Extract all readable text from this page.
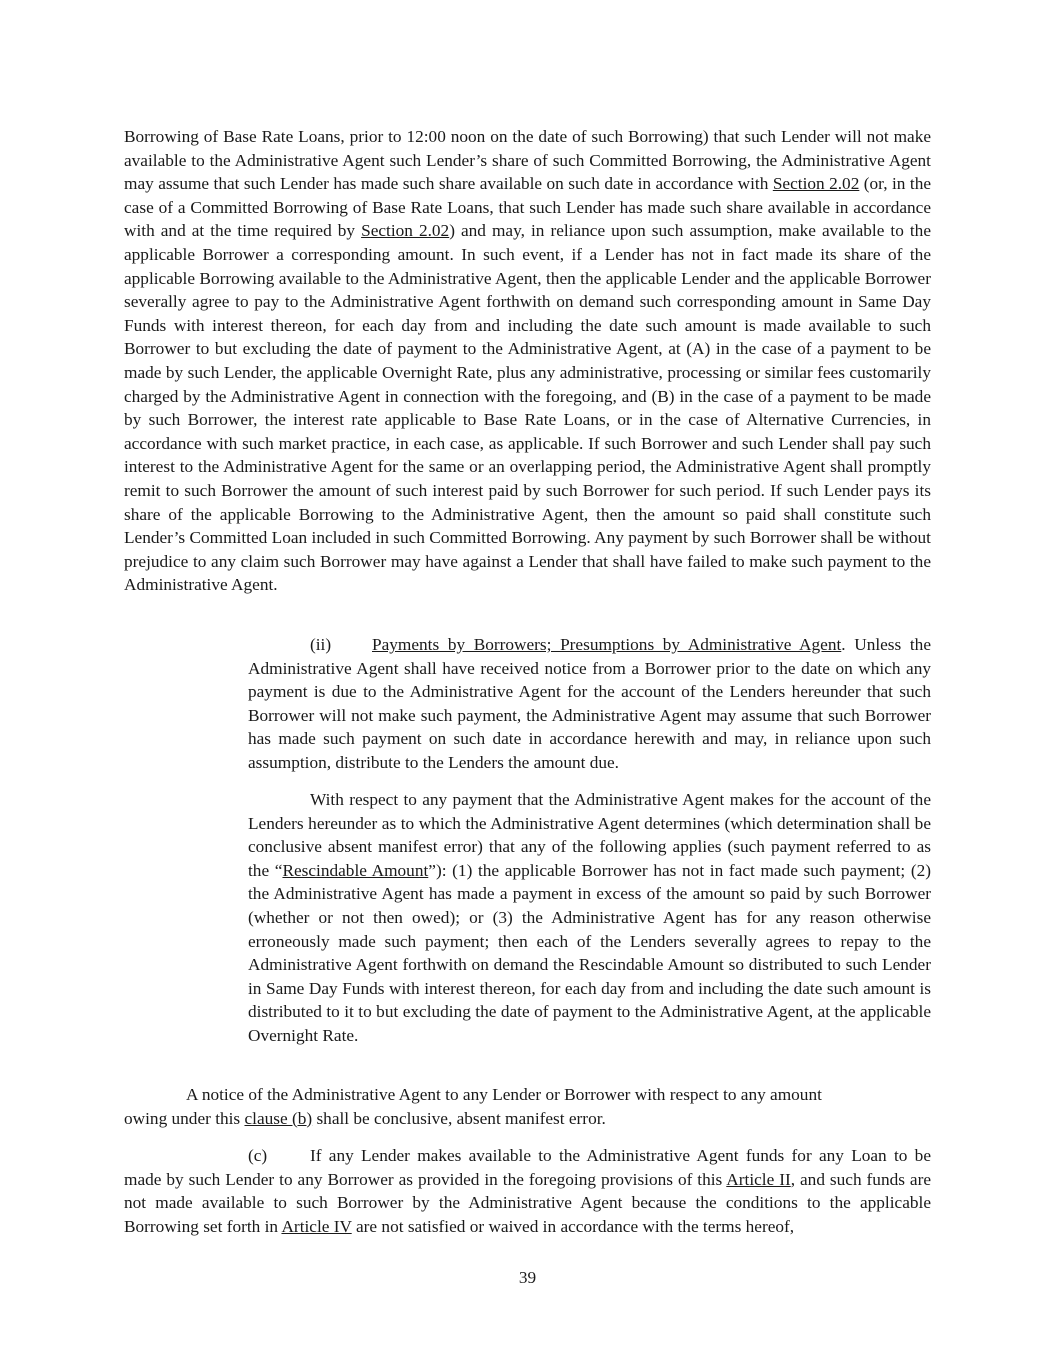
Borrowing of Base Rate Loans, prior to 12:00 noon on the date of such Borrowing) that such Lender will not make available to the Administrative Agent such Lender’s share of such Committed Borrowing, the Administrative Agent may assume that such Lender has made such share available on such date in accordance with Section 2.02 (or, in the case of a Committed Borrowing of Base Rate Loans, that such Lender has made such share available in accordance with and at the time required by Section 2.02) and may, in reliance upon such assumption, make available to the applicable Borrower a corresponding amount. In such event, if a Lender has not in fact made its share of the applicable Borrowing available to the Administrative Agent, then the applicable Lender and the applicable Borrower severally agree to pay to the Administrative Agent forthwith on demand such corresponding amount in Same Day Funds with interest thereon, for each day from and including the date such amount is made available to such Borrower to but excluding the date of payment to the Administrative Agent, at (A) in the case of a payment to be made by such Lender, the applicable Overnight Rate, plus any administrative, processing or similar fees customarily charged by the Administrative Agent in connection with the foregoing, and (B) in the case of a payment to be made by such Borrower, the interest rate applicable to Base Rate Loans, or in the case of Alternative Currencies, in accordance with such market practice, in each case, as applicable. If such Borrower and such Lender shall pay such interest to the Administrative Agent for the same or an overlapping period, the Administrative Agent shall promptly remit to such Borrower the amount of such interest paid by such Borrower for such period. If such Lender pays its share of the applicable Borrowing to the Administrative Agent, then the amount so paid shall constitute such Lender’s Committed Loan included in such Committed Borrowing. Any payment by such Borrower shall be without prejudice to any claim such Borrower may have against a Lender that shall have failed to make such payment to the Administrative Agent.

(ii) Payments by Borrowers; Presumptions by Administrative Agent. Unless the Administrative Agent shall have received notice from a Borrower prior to the date on which any payment is due to the Administrative Agent for the account of the Lenders hereunder that such Borrower will not make such payment, the Administrative Agent may assume that such Borrower has made such payment on such date in accordance herewith and may, in reliance upon such assumption, distribute to the Lenders the amount due.

With respect to any payment that the Administrative Agent makes for the account of the Lenders hereunder as to which the Administrative Agent determines (which determination shall be conclusive absent manifest error) that any of the following applies (such payment referred to as the “Rescindable Amount”): (1) the applicable Borrower has not in fact made such payment; (2) the Administrative Agent has made a payment in excess of the amount so paid by such Borrower (whether or not then owed); or (3) the Administrative Agent has for any reason otherwise erroneously made such payment; then each of the Lenders severally agrees to repay to the Administrative Agent forthwith on demand the Rescindable Amount so distributed to such Lender in Same Day Funds with interest thereon, for each day from and including the date such amount is distributed to it to but excluding the date of payment to the Administrative Agent, at the applicable Overnight Rate.

A notice of the Administrative Agent to any Lender or Borrower with respect to any amount
owing under this clause (b) shall be conclusive, absent manifest error.

(c) If any Lender makes available to the Administrative Agent funds for any Loan to be made by such Lender to any Borrower as provided in the foregoing provisions of this Article II, and such funds are not made available to such Borrower by the Administrative Agent because the conditions to the applicable Borrowing set forth in Article IV are not satisfied or waived in accordance with the terms hereof,

39
